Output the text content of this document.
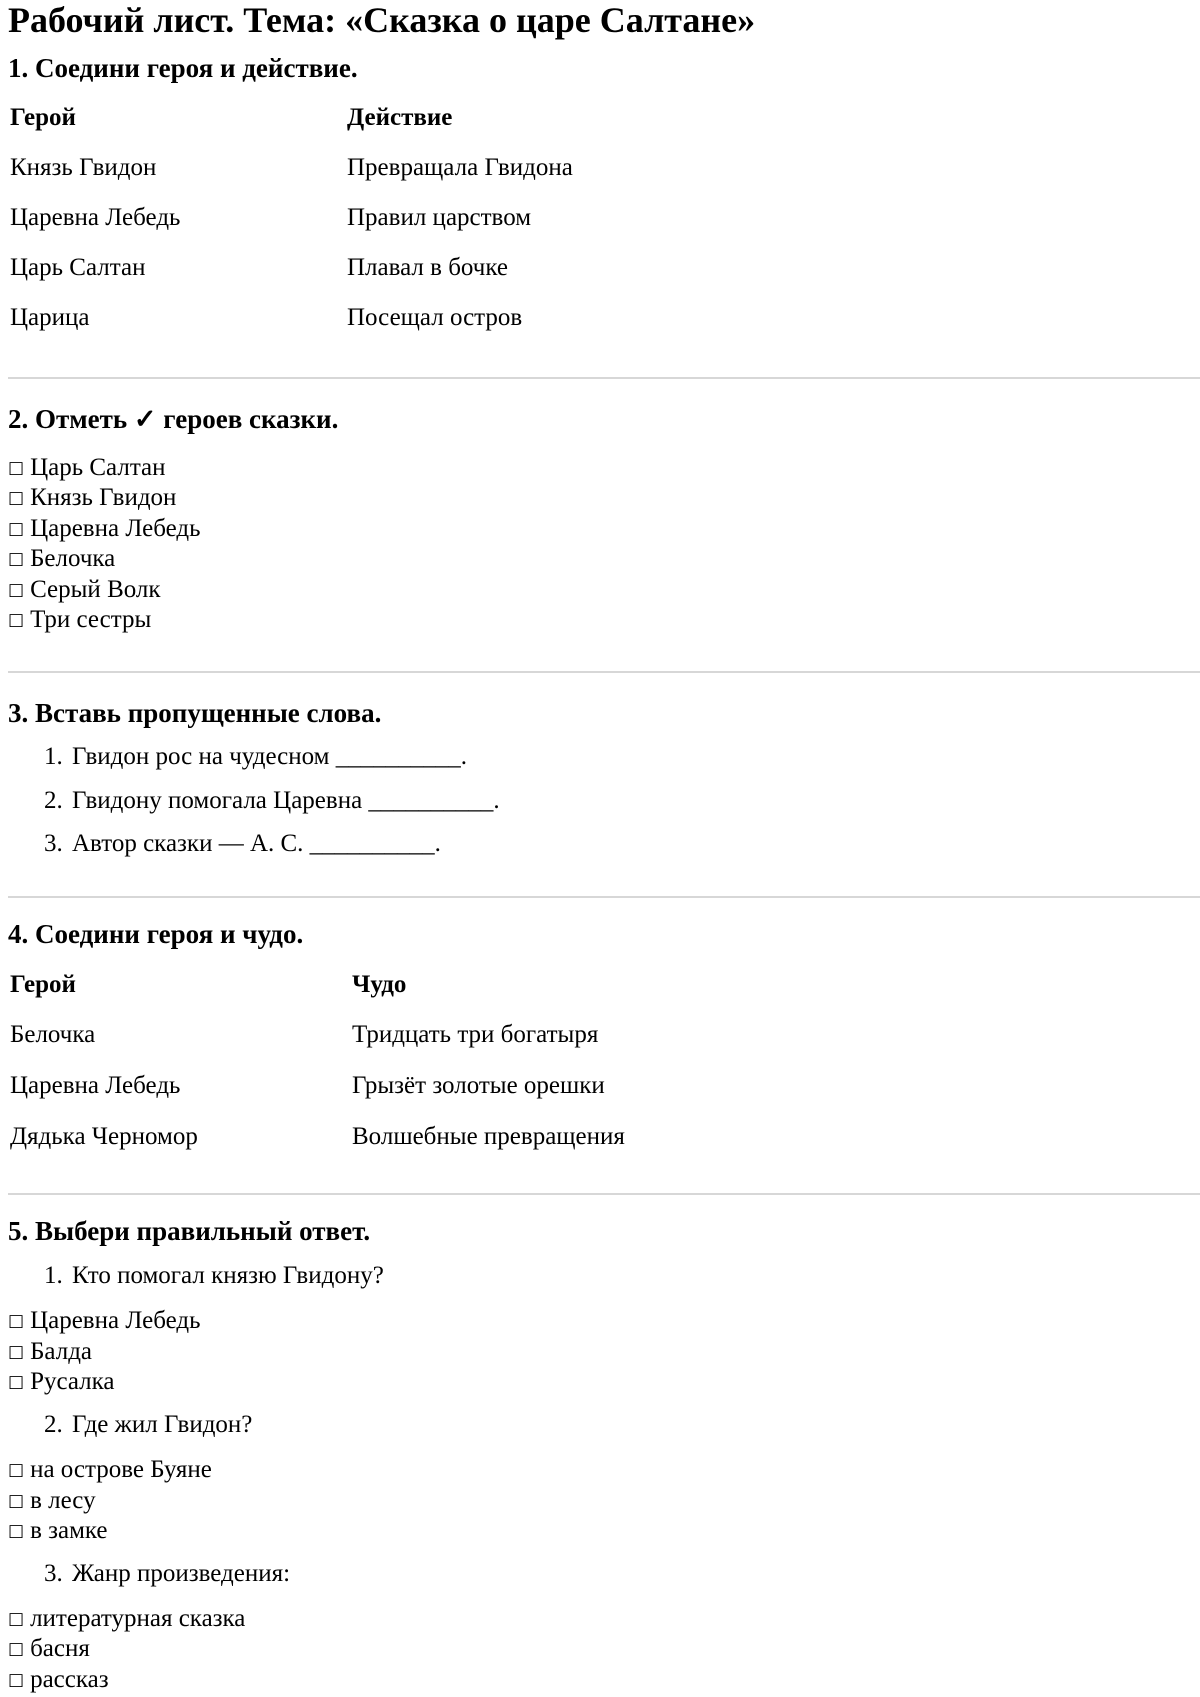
Рабочий лист. Тема: «Сказка о царе Салтане»
1. Соедини героя и действие.
Герой	Действие
Князь Гвидон	Превращала Гвидона
Царевна Лебедь	Правил царством
Царь Салтан	Плавал в бочке
Царица	Посещал остров
2. Отметь ✓ героев сказки.
□ Царь Салтан
□ Князь Гвидон
□ Царевна Лебедь
□ Белочка
□ Серый Волк
□ Три сестры
3. Вставь пропущенные слова.
1. Гвидон рос на чудесном __________.
2. Гвидону помогала Царевна __________.
3. Автор сказки — А. С. __________.
4. Соедини героя и чудо.
Герой	Чудо
Белочка	Тридцать три богатыря
Царевна Лебедь	Грызёт золотые орешки
Дядька Черномор	Волшебные превращения
5. Выбери правильный ответ.
1. Кто помогал князю Гвидону?
□ Царевна Лебедь
□ Балда
□ Русалка
2. Где жил Гвидон?
□ на острове Буяне
□ в лесу
□ в замке
3. Жанр произведения:
□ литературная сказка
□ басня
□ рассказ
